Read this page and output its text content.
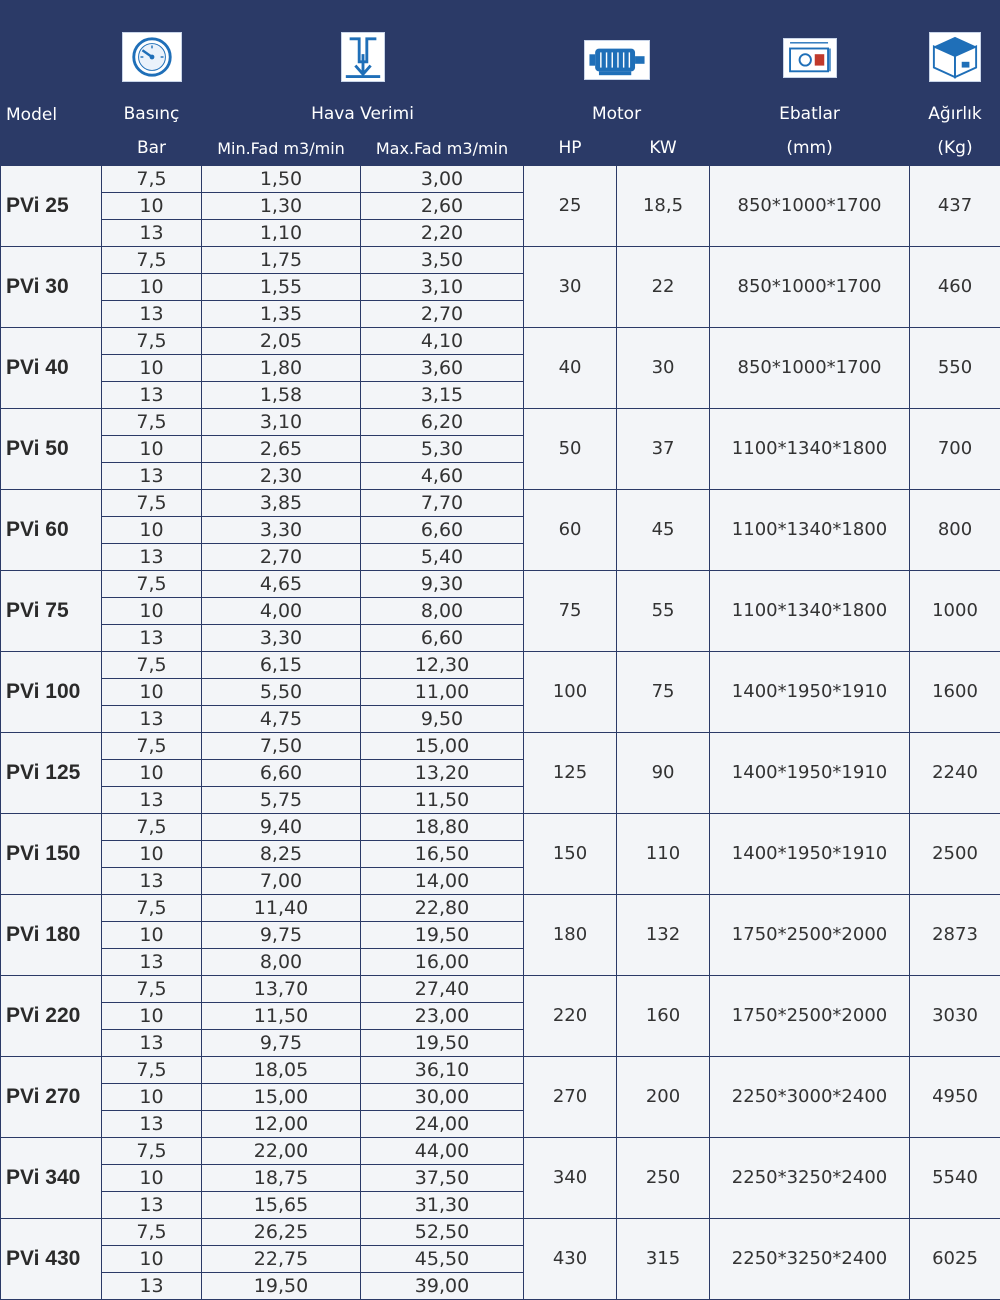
Model	Basınç	Hava Verimi		Motor		Ebatlar	Ağırlık

	Bar	Min.Fad m3/min	Max.Fad m3/min	HP	KW	(mm)	(Kg)
PVi 25	7,5	1,50	3,00	25	18,5	850*1000*1700	437
	10	1,30	2,60				
	13	1,10	2,20				
PVi 30	7,5	1,75	3,50	30	22	850*1000*1700	460
	10	1,55	3,10				
	13	1,35	2,70				
PVi 40	7,5	2,05	4,10	40	30	850*1000*1700	550
	10	1,80	3,60				
	13	1,58	3,15				
PVi 50	7,5	3,10	6,20	50	37	1100*1340*1800	700
	10	2,65	5,30				
	13	2,30	4,60				
PVi 60	7,5	3,85	7,70	60	45	1100*1340*1800	800
	10	3,30	6,60				
	13	2,70	5,40				
PVi 75	7,5	4,65	9,30	75	55	1100*1340*1800	1000
	10	4,00	8,00				
	13	3,30	6,60				
PVi 100	7,5	6,15	12,30	100	75	1400*1950*1910	1600
	10	5,50	11,00				
	13	4,75	9,50				
PVi 125	7,5	7,50	15,00	125	90	1400*1950*1910	2240
	10	6,60	13,20				
	13	5,75	11,50				
PVi 150	7,5	9,40	18,80	150	110	1400*1950*1910	2500
	10	8,25	16,50				
	13	7,00	14,00				
PVi 180	7,5	11,40	22,80	180	132	1750*2500*2000	2873
	10	9,75	19,50				
	13	8,00	16,00				
PVi 220	7,5	13,70	27,40	220	160	1750*2500*2000	3030
	10	11,50	23,00				
	13	9,75	19,50				
PVi 270	7,5	18,05	36,10	270	200	2250*3000*2400	4950
	10	15,00	30,00				
	13	12,00	24,00				
PVi 340	7,5	22,00	44,00	340	250	2250*3250*2400	5540
	10	18,75	37,50				
	13	15,65	31,30				
PVi 430	7,5	26,25	52,50	430	315	2250*3250*2400	6025
	10	22,75	45,50				
	13	19,50	39,00				
